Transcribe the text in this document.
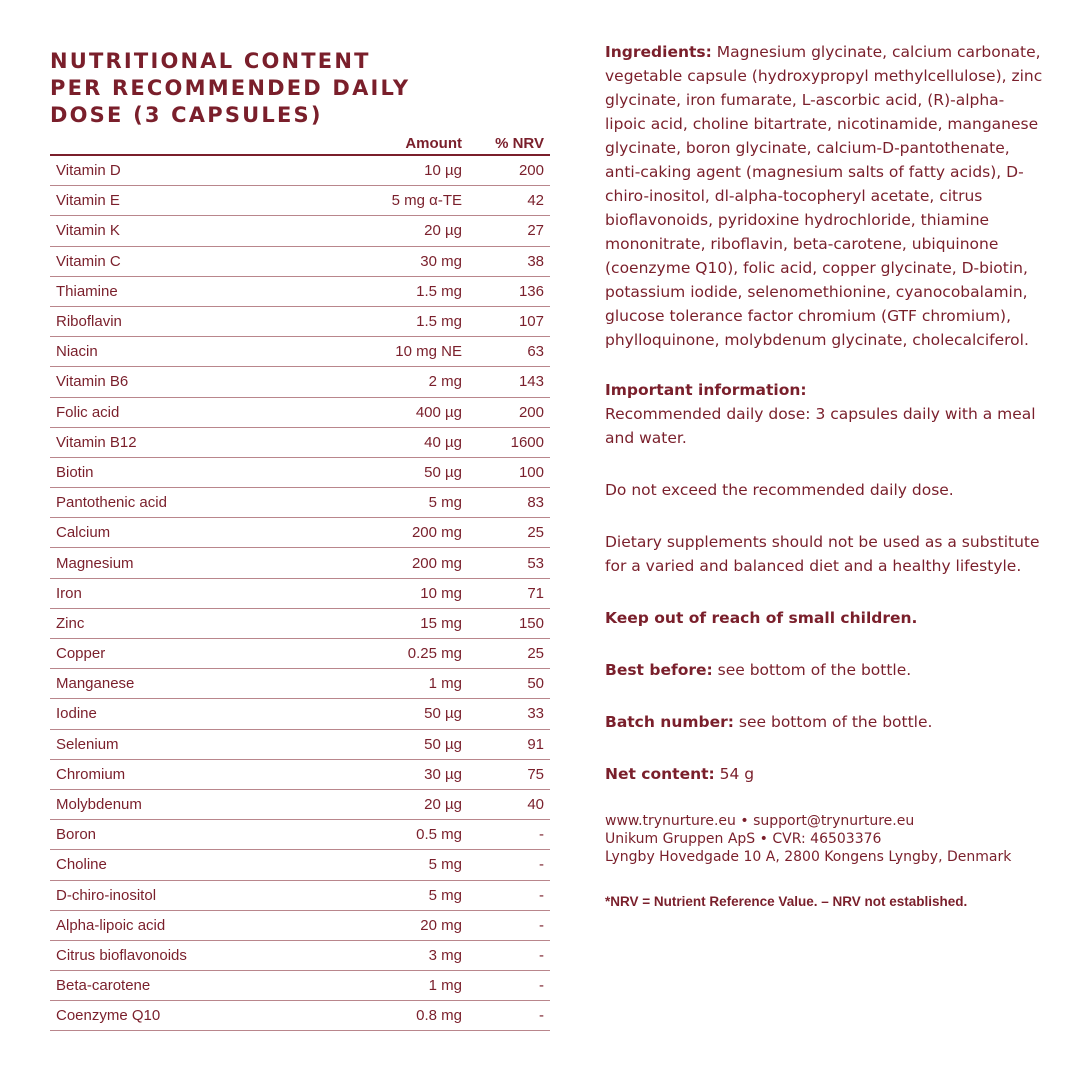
NUTRITIONAL CONTENT
PER RECOMMENDED DAILY
DOSE (3 CAPSULES)
	Amount	% NRV
Vitamin D	10 µg	200
Vitamin E	5 mg α-TE	42
Vitamin K	20 µg	27
Vitamin C	30 mg	38
Thiamine	1.5 mg	136
Riboflavin	1.5 mg	107
Niacin	10 mg NE	63
Vitamin B6	2 mg	143
Folic acid	400 µg	200
Vitamin B12	40 µg	1600
Biotin	50 µg	100
Pantothenic acid	5 mg	83
Calcium	200 mg	25
Magnesium	200 mg	53
Iron	10 mg	71
Zinc	15 mg	150
Copper	0.25 mg	25
Manganese	1 mg	50
Iodine	50 µg	33
Selenium	50 µg	91
Chromium	30 µg	75
Molybdenum	20 µg	40
Boron	0.5 mg	-
Choline	5 mg	-
D-chiro-inositol	5 mg	-
Alpha-lipoic acid	20 mg	-
Citrus bioflavonoids	3 mg	-
Beta-carotene	1 mg	-
Coenzyme Q10	0.8 mg	-

Ingredients: Magnesium glycinate, calcium carbonate, vegetable capsule (hydroxypropyl methylcellulose), zinc glycinate, iron fumarate, L-ascorbic acid, (R)-alpha-lipoic acid, choline bitartrate, nicotinamide, manganese glycinate, boron glycinate, calcium-D-pantothenate, anti-caking agent (magnesium salts of fatty acids), D-chiro-inositol, dl-alpha-tocopheryl acetate, citrus bioflavonoids, pyridoxine hydrochloride, thiamine mononitrate, riboflavin, beta-carotene, ubiquinone (coenzyme Q10), folic acid, copper glycinate, D-biotin, potassium iodide, selenomethionine, cyanocobalamin, glucose tolerance factor chromium (GTF chromium), phylloquinone, molybdenum glycinate, cholecalciferol.

Important information:

Recommended daily dose: 3 capsules daily with a meal and water.

Do not exceed the recommended daily dose.

Dietary supplements should not be used as a substitute for a varied and balanced diet and a healthy lifestyle.

Keep out of reach of small children.

Best before: see bottom of the bottle.

Batch number: see bottom of the bottle.

Net content: 54 g

www.trynurture.eu • support@trynurture.eu
Unikum Gruppen ApS • CVR: 46503376
Lyngby Hovedgade 10 A, 2800 Kongens Lyngby, Denmark

*NRV = Nutrient Reference Value. – NRV not established.
